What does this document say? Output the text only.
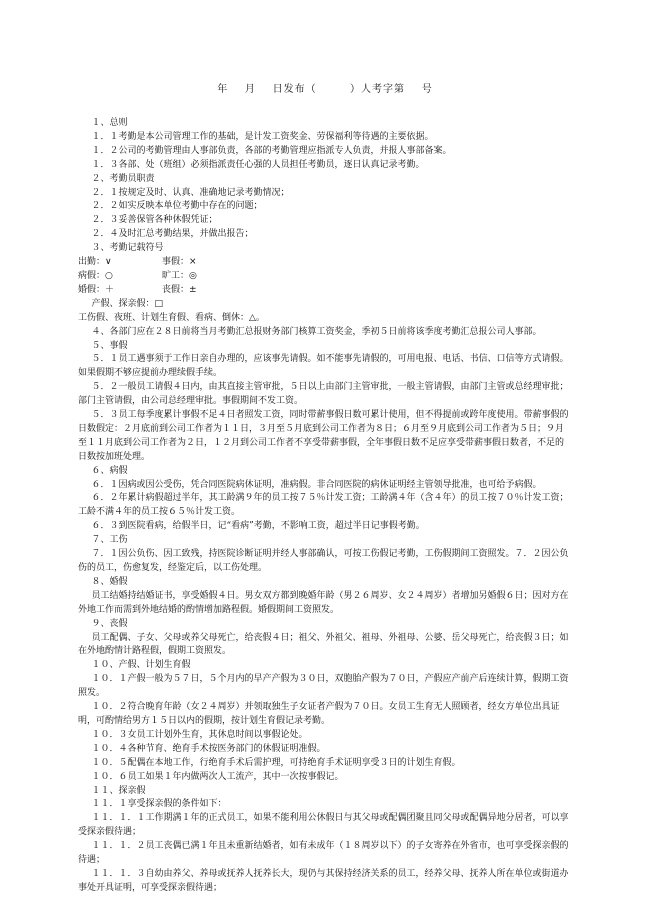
年    月    日发布（        ）人考字第    号

１、总则

１．１考勤是本公司管理工作的基础，是计发工资奖金、劳保福利等待遇的主要依据。

１．２公司的考勤管理由人事部负责，各部的考勤管理应指派专人负责，并报人事部备案。

１．３各部、处（班组）必须指派责任心强的人员担任考勤员，逐日认真记录考勤。

２、考勤员职责

２．１按规定及时、认真、准确地记录考勤情况；

２．２如实反映本单位考勤中存在的问题；

２．３妥善保管各种休假凭证；

２．４及时汇总考勤结果，并做出报告；

３、考勤记载符号

出勤：∨	事假：×
病假：○	旷工：◎
婚假：＋	丧假：±

产假、探亲假：□

工伤假、夜班、计划生育假、看病、倒休：△。

４、各部门应在２８日前将当月考勤汇总报财务部门核算工资奖金，季初５日前将该季度考勤汇总报公司人事部。

５、事假

５．１员工遇事须于工作日亲自办理的，应该事先请假。如不能事先请假的，可用电报、电话、书信、口信等方式请假。如果假期不够应提前办理续假手续。

５．２一般员工请假４日内，由其直接主管审批，５日以上由部门主管审批，一般主管请假，由部门主管或总经理审批；部门主管请假，由公司总经理审批。事假期间不发工资。

５．３员工每季度累计事假不足４日者照发工资，同时带薪事假日数可累计使用，但不得提前或跨年度使用。带薪事假的日数假定：２月底前到公司工作者为１１日，３月至５月底到公司工作者为８日；６月至９月底到公司工作者为５日；９月至１１月底到公司工作者为２日，１２月到公司工作者不享受带薪事假，全年事假日数不足应享受带薪事假日数者，不足的日数按加班处理。

６、病假

６．１因病或因公受伤，凭合同医院病休证明，准病假。非合同医院的病休证明经主管领导批准，也可给予病假。

６．２年累计病假超过半年，其工龄满９年的员工按７５％计发工资；工龄满４年（含４年）的员工按７０％计发工资；工龄不满４年的员工按６５％计发工资。

６．３到医院看病，给假半日，记“看病”考勤，不影响工资，超过半日记事假考勤。

７、工伤

７．１因公负伤、因工致残，持医院诊断证明并经人事部确认，可按工伤假记考勤，工伤假期间工资照发。７．２因公负伤的员工，伤愈复发，经鉴定后，以工伤处理。

８、婚假

员工结婚持结婚证书，享受婚假４日。男女双方都到晚婚年龄（男２６周岁、女２４周岁）者增加另婚假６日；因对方在外地工作而需到外地结婚的酌情增加路程假。婚假期间工资照发。

９、丧假

员工配偶、子女、父母或养父母死亡，给丧假４日；祖父、外祖父、祖母、外祖母、公婆、岳父母死亡，给丧假３日；如在外地酌情计路程假，假期工资照发。

１０、产假、计划生育假

１０．１产假一般为５７日，５个月内的早产产假为３０日，双胞胎产假为７０日，产假应产前产后连续计算，假期工资照发。

１０．２符合晚育年龄（女２４周岁）并领取独生子女证者产假为７０日。女员工生育无人照顾者，经女方单位出具证明，可酌情给男方１５日以内的假期，按计划生育假记录考勤。

１０．３女员工计划外生育，其休息时间以事假论处。

１０．４各种节育、绝育手术按医务部门的休假证明准假。

１０．５配偶在本地工作，行绝育手术后需护理，可持绝育手术证明享受３日的计划生育假。

１０．６员工如果１年内做两次人工流产，其中一次按事假记。

１１、探亲假

１１．１享受探亲假的条件如下：

１１．１．１工作期满１年的正式员工，如果不能利用公休假日与其父母或配偶团聚且同父母或配偶异地分居者，可以享受探亲假待遇；

１１．１．２员工丧偶已满１年且未重新结婚者，如有未成年（１８周岁以下）的子女寄养在外省市，也可享受探亲假的待遇；

１１．１．３自幼由养父、养母或抚养人抚养长大，现仍与其保持经济关系的员工，经养父母、抚养人所在单位或街道办事处开具证明，可享受探亲假待遇；
